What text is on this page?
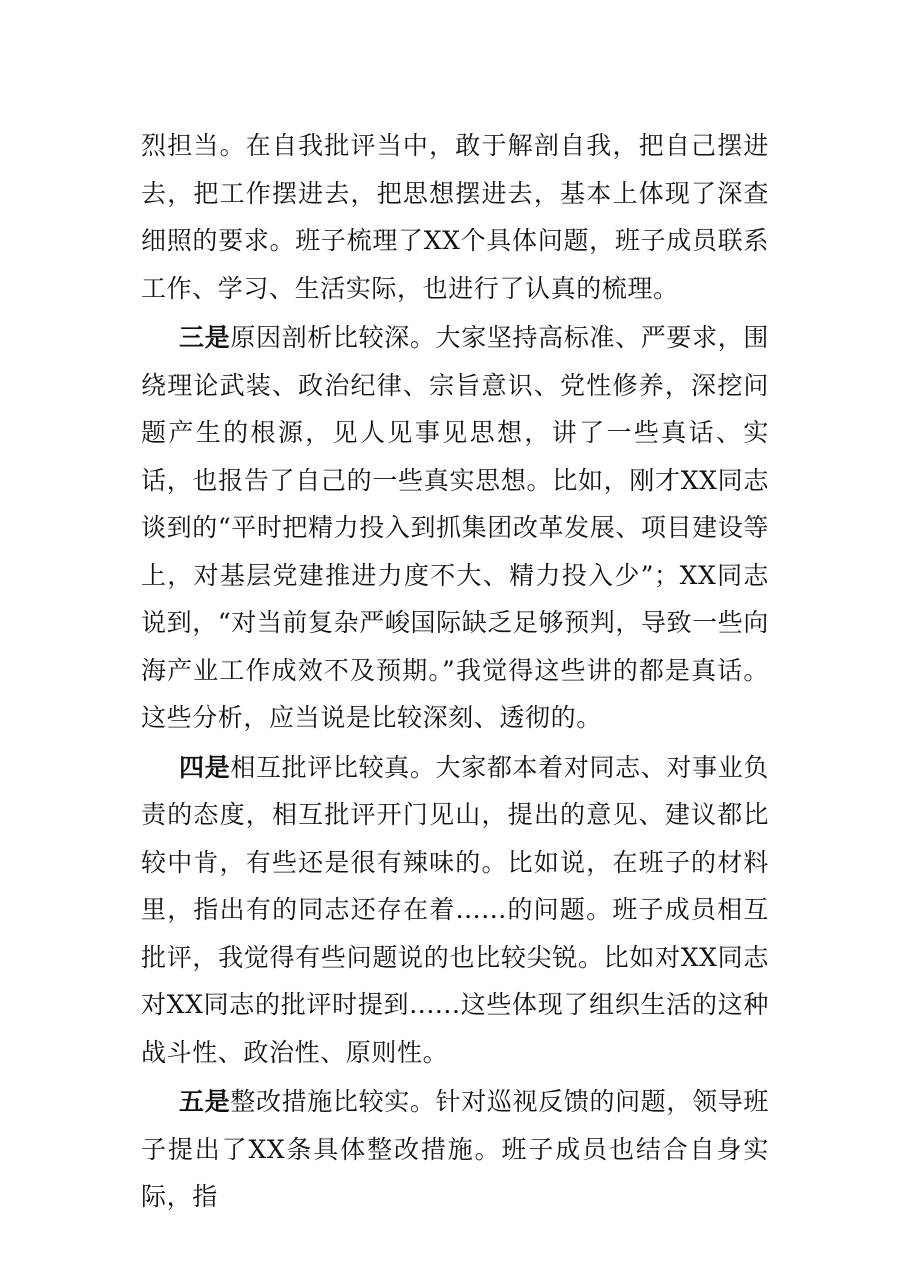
烈担当。在自我批评当中，敢于解剖自我，把自己摆进去，把工作摆进去，把思想摆进去，基本上体现了深查细照的要求。班子梳理了XX个具体问题，班子成员联系工作、学习、生活实际，也进行了认真的梳理。

三是原因剖析比较深。大家坚持高标准、严要求，围绕理论武装、政治纪律、宗旨意识、党性修养，深挖问题产生的根源，见人见事见思想，讲了一些真话、实话，也报告了自己的一些真实思想。比如，刚才XX同志谈到的“平时把精力投入到抓集团改革发展、项目建设等上，对基层党建推进力度不大、精力投入少”；XX同志说到，“对当前复杂严峻国际缺乏足够预判，导致一些向海产业工作成效不及预期。”我觉得这些讲的都是真话。这些分析，应当说是比较深刻、透彻的。

四是相互批评比较真。大家都本着对同志、对事业负责的态度，相互批评开门见山，提出的意见、建议都比较中肯，有些还是很有辣味的。比如说，在班子的材料里，指出有的同志还存在着......的问题。班子成员相互批评，我觉得有些问题说的也比较尖锐。比如对XX同志对XX同志的批评时提到......这些体现了组织生活的这种战斗性、政治性、原则性。

五是整改措施比较实。针对巡视反馈的问题，领导班子提出了XX条具体整改措施。班子成员也结合自身实际，指
